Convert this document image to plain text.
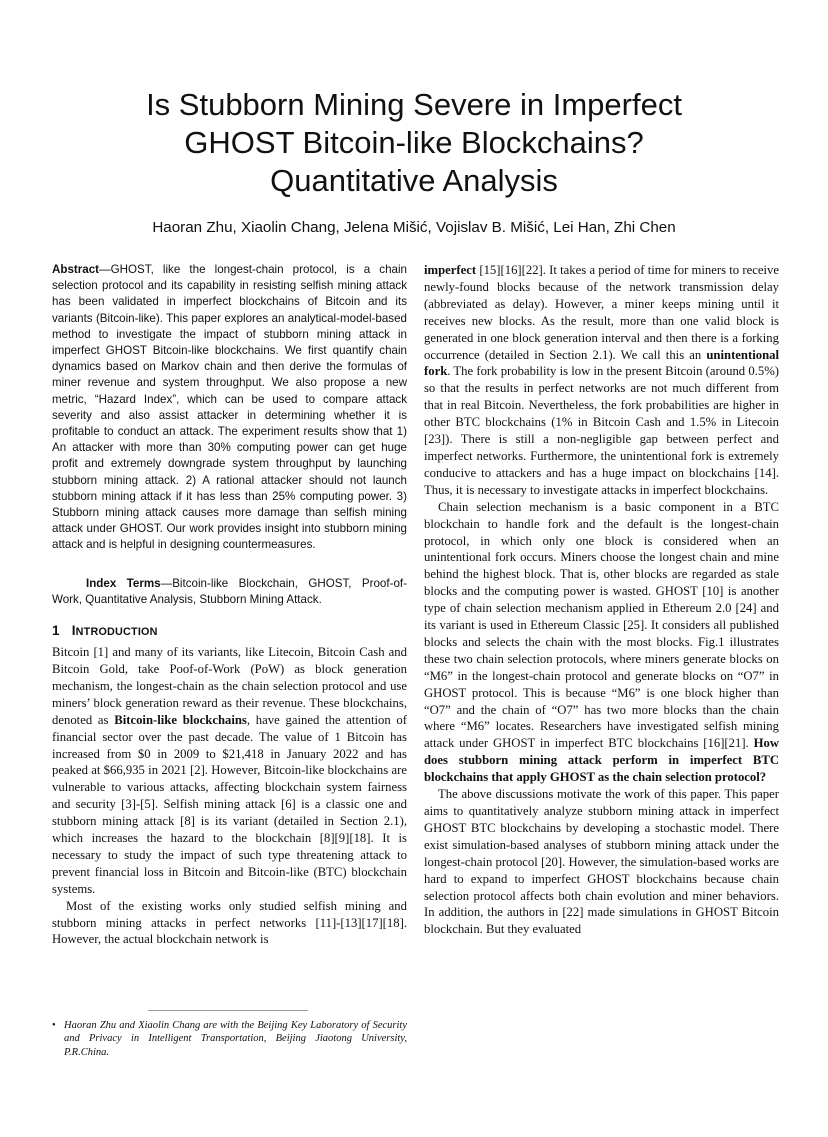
Is Stubborn Mining Severe in Imperfect
GHOST Bitcoin-like Blockchains?
Quantitative Analysis
Haoran Zhu, Xiaolin Chang, Jelena Mišić, Vojislav B. Mišić, Lei Han, Zhi Chen

Abstract—GHOST, like the longest-chain protocol, is a chain selection protocol and its capability in resisting selfish mining attack has been validated in imperfect blockchains of Bitcoin and its variants (Bitcoin-like). This paper explores an analytical-model-based method to investigate the impact of stubborn mining attack in imperfect GHOST Bitcoin-like blockchains. We first quantify chain dynamics based on Markov chain and then derive the formulas of miner revenue and system throughput. We also propose a new metric, “Hazard Index”, which can be used to compare attack severity and also assist attacker in determining whether it is profitable to conduct an attack. The experiment results show that 1) An attacker with more than 30% computing power can get huge profit and extremely downgrade system throughput by launching stubborn mining attack. 2) A rational attacker should not launch stubborn mining attack if it has less than 25% computing power. 3) Stubborn mining attack causes more damage than selfish mining attack under GHOST. Our work provides insight into stubborn mining attack and is helpful in designing countermeasures.

Index Terms—Bitcoin-like Blockchain, GHOST, Proof-of-Work, Quantitative Analysis, Stubborn Mining Attack.

1 INTRODUCTION

Bitcoin [1] and many of its variants, like Litecoin, Bitcoin Cash and Bitcoin Gold, take Poof-of-Work (PoW) as block generation mechanism, the longest-chain as the chain selection protocol and use miners’ block generation reward as their revenue. These blockchains, denoted as Bitcoin-like blockchains, have gained the attention of financial sector over the past decade. The value of 1 Bitcoin has increased from $0 in 2009 to $21,418 in January 2022 and has peaked at $66,935 in 2021 [2]. However, Bitcoin-like blockchains are vulnerable to various attacks, affecting blockchain system fairness and security [3]-[5]. Selfish mining attack [6] is a classic one and stubborn mining attack [8] is its variant (detailed in Section 2.1), which increases the hazard to the blockchain [8][9][18]. It is necessary to study the impact of such type threatening attack to prevent financial loss in Bitcoin and Bitcoin-like (BTC) blockchain systems.

Most of the existing works only studied selfish mining and stubborn mining attacks in perfect networks [11]-[13][17][18]. However, the actual blockchain network is

• Haoran Zhu and Xiaolin Chang are with the Beijing Key Laboratory of Security and Privacy in Intelligent Transportation, Beijing Jiaotong University, P.R.China.

imperfect [15][16][22]. It takes a period of time for miners to receive newly-found blocks because of the network transmission delay (abbreviated as delay). However, a miner keeps mining until it receives new blocks. As the result, more than one valid block is generated in one block generation interval and then there is a forking occurrence (detailed in Section 2.1). We call this an unintentional fork. The fork probability is low in the present Bitcoin (around 0.5%) so that the results in perfect networks are not much different from that in real Bitcoin. Nevertheless, the fork probabilities are higher in other BTC blockchains (1% in Bitcoin Cash and 1.5% in Litecoin [23]). There is still a non-negligible gap between perfect and imperfect networks. Furthermore, the unintentional fork is extremely conducive to attackers and has a huge impact on blockchains [14]. Thus, it is necessary to investigate attacks in imperfect blockchains.

Chain selection mechanism is a basic component in a BTC blockchain to handle fork and the default is the longest-chain protocol, in which only one block is considered when an unintentional fork occurs. Miners choose the longest chain and mine behind the highest block. That is, other blocks are regarded as stale blocks and the computing power is wasted. GHOST [10] is another type of chain selection mechanism applied in Ethereum 2.0 [24] and its variant is used in Ethereum Classic [25]. It considers all published blocks and selects the chain with the most blocks. Fig.1 illustrates these two chain selection protocols, where miners generate blocks on “M6” in the longest-chain protocol and generate blocks on “O7” in GHOST protocol. This is because “M6” is one block higher than “O7” and the chain of “O7” has two more blocks than the chain where “M6” locates. Researchers have investigated selfish mining attack under GHOST in imperfect BTC blockchains [16][21]. How does stubborn mining attack perform in imperfect BTC blockchains that apply GHOST as the chain selection protocol?

The above discussions motivate the work of this paper. This paper aims to quantitatively analyze stubborn mining attack in imperfect GHOST BTC blockchains by developing a stochastic model. There exist simulation-based analyses of stubborn mining attack under the longest-chain protocol [20]. However, the simulation-based works are hard to expand to imperfect GHOST blockchains because chain selection protocol affects both chain evolution and miner behaviors. In addition, the authors in [22] made simulations in GHOST Bitcoin blockchain. But they evaluated
